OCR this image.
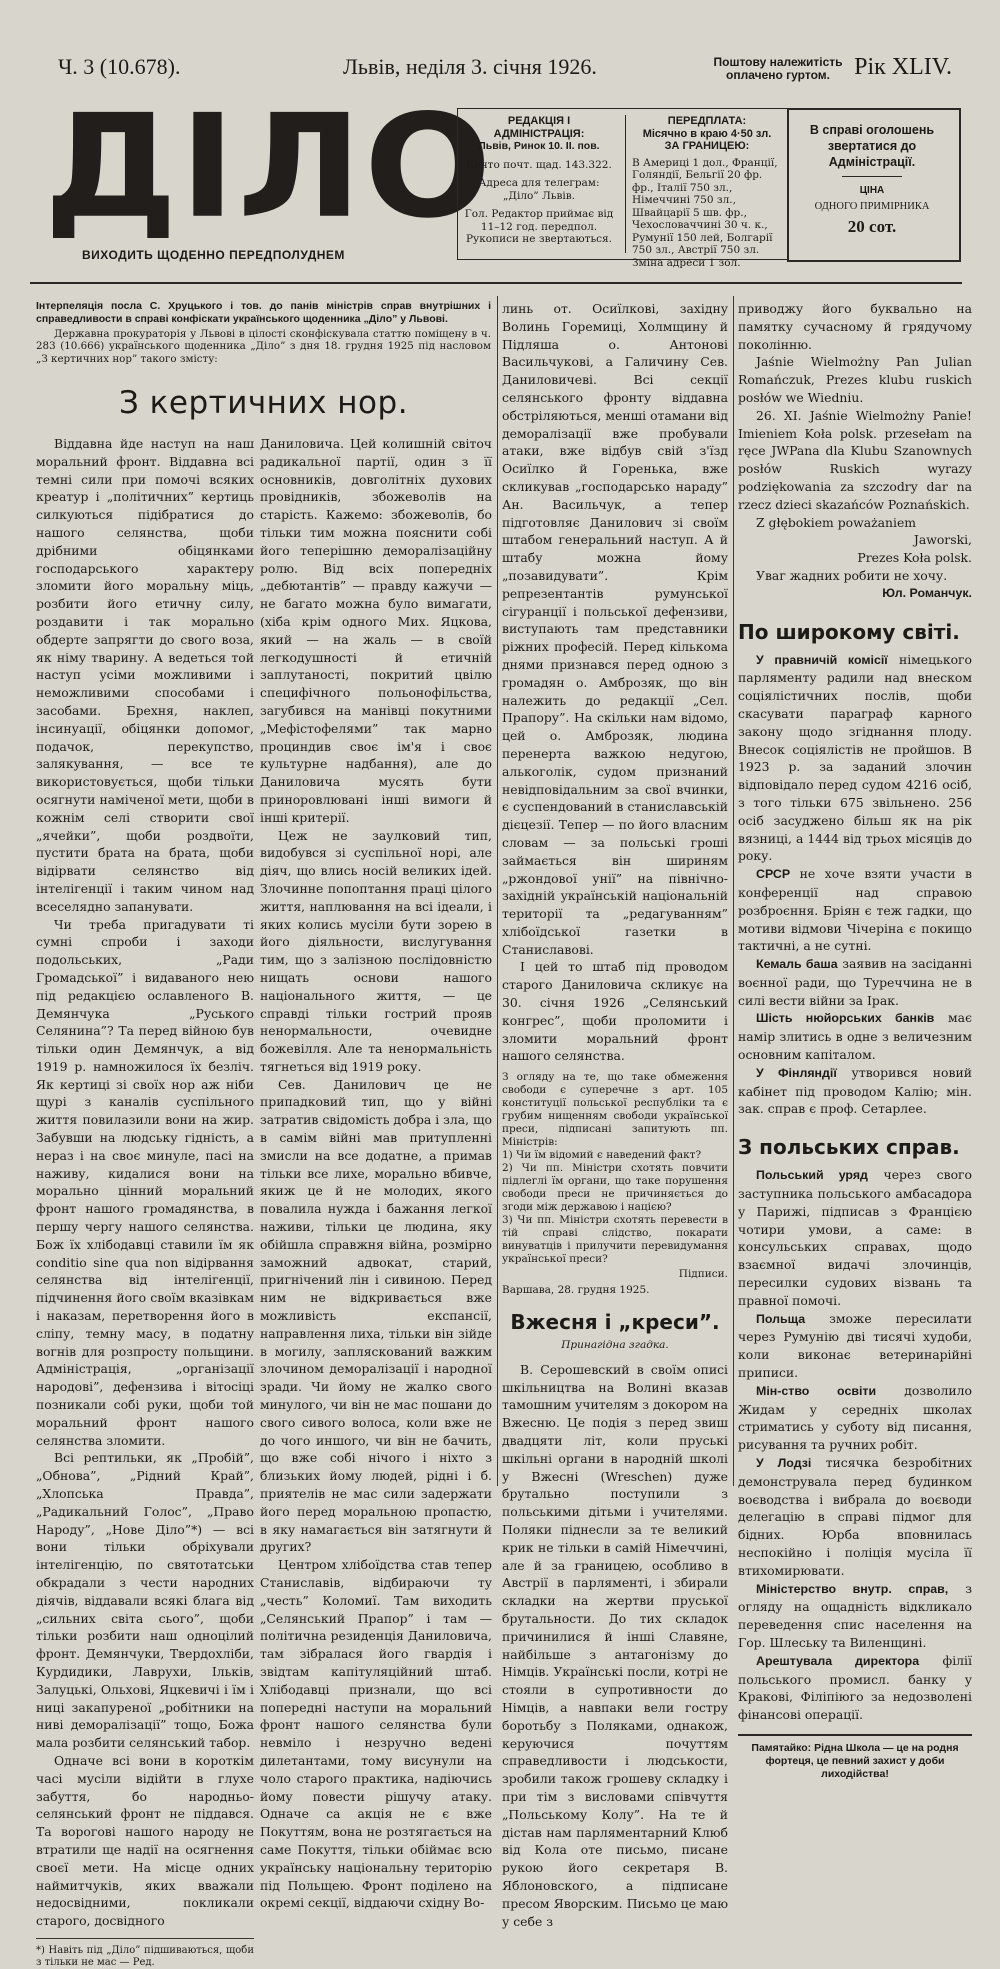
Ч. 3 (10.678).	Львів, неділя 3. січня 1926.	Поштову належитість оплачено гуртом.	Рік XLIV.
ДІЛО
ВИХОДИТЬ ЩОДЕННО ПЕРЕДПОЛУДНЕМ
РЕДАКЦІЯ І АДМІНІСТРАЦІЯ:
Львів, Ринок 10. II. пов.

Конто почт. щад. 143.322.

Адреса для телеграм: „Діло” Львів.

Гол. Редактор приймає від 11–12 год. передпол. Рукописи не звертаються.

ПЕРЕДПЛАТА:
Місячно в краю 4·50 зл.
ЗА ГРАНИЦЕЮ:
В Америці 1 дол., Франції, Голяндії, Бельгії 20 фр. фр., Італії 750 зл., Німеччині 750 зл., Швайцарії 5 шв. фр., Чехословаччині 30 ч. к., Румунії 150 лей, Болгарії 750 зл., Австрії 750 зл. Зміна адреси 1 зол.
В справі оголошень звертатися до Адміністрації.
ЦІНА
ОДНОГО ПРИМІРНИКА
20 сот.
Інтерпеляція посла С. Хруцького і тов. до панів міністрів справ внутрішних і справедливости в справі конфіскати українського щоденника „Діло” у Львові.
Державна прокураторія у Львові в цілості сконфіскувала статтю поміщену в ч. 283 (10.666) українського щоденника „Діло” з дня 18. грудня 1925 під насловом „З кертичних нор” такого змісту:
З кертичних нор.

Віддавна йде наступ на наш моральний фронт. Віддавна всі темні сили при помочі всяких креатур і „політичних” кертиць силкуються підібратися до нашого селянства, щоби дрібними обіцянками господарського характеру зломити його моральну міць, розбити його етичну силу, роздавити і так морально обдерте запрягти до свого воза, як німу тварину. А ведеться той наступ усіми можливими і неможливими способами і засобами. Брехня, наклеп, інсинуації, обіцянки допомог, подачок, перекупство, залякування, — все те використовується, щоби тільки осягнути наміченої мети, щоби в кожнім селі створити свої „ячейки”, щоби роздвоїти, пустити брата на брата, щоби відірвати селянство від інтелігенції і таким чином над всеселядно запанувати.

Чи треба пригадувати ті сумні спроби і заходи подольських, „Ради Громадської” і видаваного нею під редакцією ославленого В. Демянчука „Руського Селянина”? Та перед війною був тільки один Демянчук, а від 1919 р. намножилося їх безліч. Як кертиці зі своїх нор аж ніби щурі з каналів суспільного життя повилазили вони на жир. Забувши на людську гідність, а нераз і на своє минуле, пасі на наживу, кидалися вони на морально цінний моральний фронт нашого громадянства, в першу чергу нашого селянства. Бож їх хлібодавці ставили їм як conditio sine qua non відірвання селянства від інтелігенції, підчинення його своїм вказівкам і наказам, перетворення його в сліпу, темну масу, в податну вогнів для розпросту польщини. Адміністрація, „організації народові”, дефензива і вітосіці позникали собі руки, щоби той моральний фронт нашого селянства зломити.

Всі рептильки, як „Пробій”, „Обнова”, „Рідний Край”, „Хлопська Правда”, „Радикальний Голос”, „Право Народу”, „Нове Діло”*) — всі вони тільки обріхували інтелігенцію, по святотатськи обкрадали з чести народних діячів, віддавали всякі блага від „сильних світа сього”, щоби тільки розбити наш одноцілий фронт. Демянчуки, Твердохліби, Курдидики, Лаврухи, Ільків, Залуцькі, Ольхові, Яцкевичі і їм і ниці закапуреної „робітники на ниві деморалізації” тощо, Божа мала розбити селянський табор.

Одначе всі вони в короткім часі мусіли відійти в глухе забуття, бо народньо-селянський фронт не піддався. Та ворогові нашого народу не втратили ще надії на осягнення своєї мети. На місце одних наймитчуків, яких вважали недосвідними, покликали старого, досвідного

*) Навіть під „Діло” підшиваються, щоби з тільки не мас — Ред.

Даниловича. Цей колишній світоч радикальної партії, один з її основників, довголітніх духових провідників, збожеволів на старість. Кажемо: збожеволів, бо тільки тим можна пояснити собі його теперішню деморалізаційну ролю. Від всіх попередніх „дебютантів” — правду кажучи — не багато можна було вимагати, (хіба крім одного Мих. Яцкова, який — на жаль — в своїй легкодушності й етичній заплутаності, покритий цвілю специфічного польонофільства, загубився на манівці покутними „Мефістофелями” так марно проциндив своє ім'я і своє культурне надбання), але до Даниловича мусять бути приноровлювані інші вимоги й інші критерії.

Цеж не заулковий тип, видобувся зі суспільної норі, але діяч, що влись носій великих ідей. Злочинне попоптання праці цілого життя, наплювання на всі ідеали, і яких колись мусіли бути зорею в його діяльности, вислугування тим, що з залізною послідовністю нищать основи нашого національного життя, — це справді тільки гострий прояв ненормальности, очевидне божевілля. Але та ненормальність тягнеться від 1919 року.

Сев. Данилович це не припадковий тип, що у війні затратив свідомість добра і зла, що в самім війні мав притупленні змисли на все додатне, а примав тільки все лихе, морально вбивче, якиж це й не молодих, якого повалила нужда і бажання легкої наживи, тільки це людина, яку обійшла справжня війна, розмірно заможний адвокат, старий, пригнічений лін і сивиною. Перед ним не відкривається вже можливість експансії, направлення лиха, тільки він зійде в могилу, запляскований важким злочином деморалізації і народної зради. Чи йому не жалко свого минулого, чи він не мас пошани до свого сивого волоса, коли вже не до чого иншого, чи він не бачить, що вже собі нічого і ніхто з близьких йому людей, рідні і б. приятелів не мас сили задержати його перед моральною пропастю, в яку намагається він затягнути й других?

Центром хлібоїдства став тепер Станиславів, відбираючи ту „честь” Коломиї. Там виходить „Селянський Прапор” і там — політична резиденція Даниловича, там зібралася його гвардія і звідтам капітуляційний штаб. Хлібодавці признали, що всі попередні наступи на моральний фронт нашого селянства були невміло і незручно ведені дилетантами, тому висунули на чоло старого практика, надіючись йому повести рішучу атаку. Одначе са акція не є вже Покуттям, вона не розтягається на саме Покуття, тільки обіймає всю українську національну територію під Польщею. Фронт поділено на окремі секції, віддаючи східну Во-

линь от. Осиїлкові, західну Волинь Горемиці, Холмщину й Підляша о. Антонові Васильчукові, а Галичину Сев. Даниловичеві. Всі секції селянського фронту віддавна обстріляються, менші отамани від деморалізації вже пробували атаки, вже відбув свій з'їзд Осиїлко й Горенька, вже скликував „господарсько нараду” Ан. Васильчук, а тепер підготовляє Данилович зі своїм штабом генеральний наступ. А й штабу можна йому „позавидувати”. Крім репрезентантів румунської сігуранції і польської дефензиви, виступають там представники ріжних професій. Перед кількома днями признався перед одною з громадян о. Амброзяк, що він належить до редакції „Сел. Прапору”. На скільки нам відомо, цей о. Амброзяк, людина перенерта важкою недугою, алькоголік, судом признаний невідповідальним за свої вчинки, є суспендований в станиславській дієцезії. Тепер — по його власним словам — за польські гроші займається він шириням „ржондової унії” на північно-західній українській національній території та „редагуванням” хлібоїдської газетки в Станиславові.

І цей то штаб під проводом старого Даниловича скликує на 30. січня 1926 „Селянський конгрес”, щоби проломити і зломити моральний фронт нашого селянства.

З огляду на те, що таке обмеження свободи є суперечне з арт. 105 конституції польської республіки та є грубим нищенням свободи української преси, підписані запитують пп. Міністрів:
1) Чи їм відомий є наведений факт?
2) Чи пп. Міністри схотять повчити підлеглі їм органи, що таке порушення свободи преси не причиняється до згоди між державою і нацією?
3) Чи пп. Міністри схотять перевести в тій справі слідство, покарати винуватців і прилучити перевидумання української преси?
Підписи.
Варшава, 28. грудня 1925.
Вжесня і „креси”.
Принагідна згадка.

В. Серошевский в своїм описі шкільництва на Волині вказав тамошним учителям з докором на Вжесню. Це подія з перед звиш двадцяти літ, коли пруські шкільні органи в народній школі у Вжесні (Wreschen) дуже брутально поступили з польськими дітьми і учителями. Поляки піднесли за те великий крик не тільки в самій Німеччині, але й за границею, особливо в Австрії в парляменті, і збирали складки на жертви пруської брутальности. До тих складок причинилися й інші Славяне, найбільше з антагонізму до Німців. Українські посли, котрі не стояли в супротивности до Німців, а навпаки вели гостру боротьбу з Поляками, однакож, керуючися почуттям справедливости і людськости, зробили також грошеву складку і при тім з висловами співчуття „Польському Колу”. На те й дістав нам парляментарний Клюб від Кола оте письмо, писане рукою його секретаря В. Яблоновского, а підписане пресом Яворским. Письмо це маю у себе з

приводжу його буквально на памятку сучасному й грядучому поколінню.

Jaśnie Wielmożny Pan Julian Romańczuk, Prezes klubu ruskich posłów we Wiedniu.

26. XI. Jaśnie Wielmożny Panie! Imieniem Koła polsk. przesełam na ręce JWPana dla Klubu Szanownych posłów Ruskich wyrazy podziękowania za szczodry dar na rzecz dzieci skazańców Poznańskich.

Z głębokiem poważaniem

Jaworski,
Prezes Koła polsk.

Уваг жадних робити не хочу.

Юл. Романчук.
По широкому світі.

У правничій комісії німецького парляменту радили над внеском соціялістичних послів, щоби скасувати параграф карного закону щодо згіднання плоду. Внесок соціялістів не пройшов. В 1923 р. за заданий злочин відповідало перед судом 4216 осіб, з того тільки 675 звільнено. 256 осіб засуджено більш як на рік вязниці, а 1444 від трьох місяців до року.

СРСР не хоче взяти участи в конференції над справою розброєння. Бріян є теж гадки, що мотиви відмови Чічеріна є покищо тактичні, а не сутні.

Кемаль баша заявив на засіданні воєнної ради, що Туреччина не в силі вести війни за Ірак.

Шість нюйорських банків має намір злитись в одне з величезним основним капіталом.

У Фінляндії утворився новий кабінет під проводом Калію; мін. зак. справ є проф. Сетарлее.

З польських справ.

Польський уряд через свого заступника польського амбасадора у Парижі, підписав з Францією чотири умови, а саме: в консульських справах, щодо взаємної видачі злочинців, пересилки судових візвань та правної помочі.

Польща зможе пересилати через Румунію дві тисячі худоби, коли виконає ветеринарійні приписи.

Мін-ство освіти дозволило Жидам у середніх школах стриматись у суботу від писання, рисування та ручних робіт.

У Лодзі тисячка безробітних демонструвала перед будинком воєводства і вибрала до воєводи делегацію в справі підмог для бідних. Юрба вповнилась неспокійно і поліція мусіла її втихомирювати.

Міністерство внутр. справ, з огляду на ощадність відкликало переведення спис населення на Гор. Шлеську та Виленщині.

Арештувала директора філії польського промисл. банку у Кракові, Філіпіюго за недозволені фінансові операції.

Памятайко: Рідна Школа — це на родня фортеця, це певний захист у доби лиходійства!
